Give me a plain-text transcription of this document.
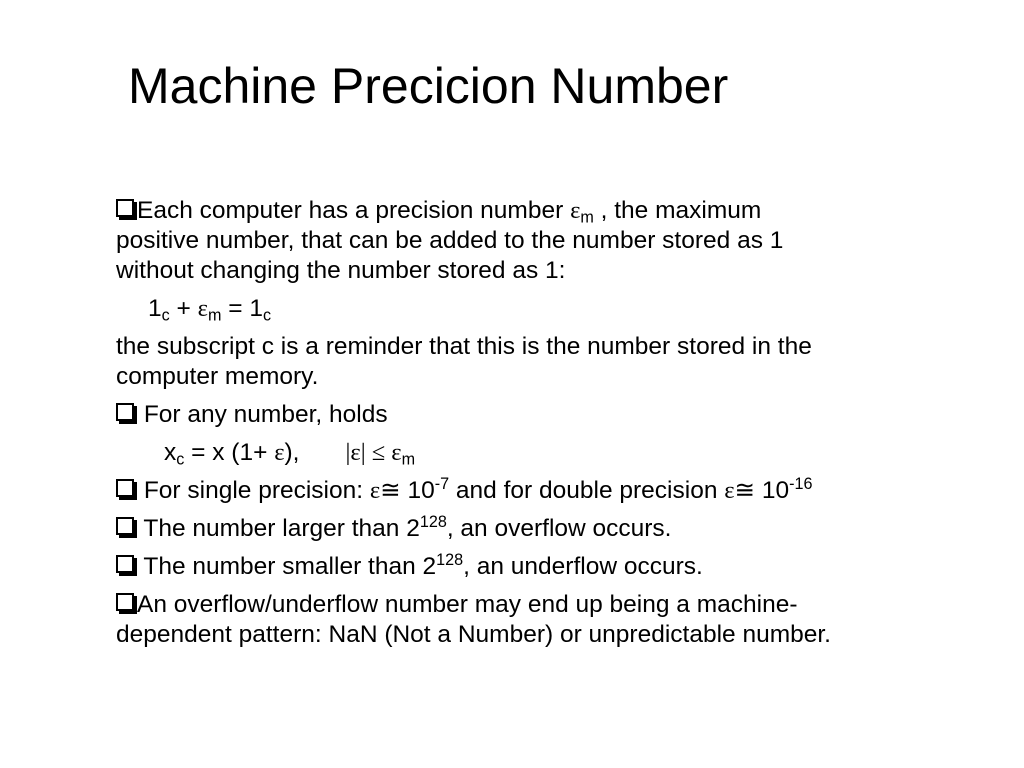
Machine Precicion Number
Each computer has a precision number $\varepsilon_m$ , the maximum
positive number, that can be added to the number stored as 1
without changing the number stored as 1:
$1_c + \varepsilon_m = 1_c$
the subscript c is a reminder that this is the number stored in the
computer memory.
For any number, holds
$x_c = x$ (1+ ε), $|\varepsilon| \le \varepsilon_m$
For single precision: ε≅ $10^{-7}$ and for double precision ε≅ $10^{-16}$
The number larger than $2^{128}$, an overflow occurs.
The number smaller than $2^{128}$, an underflow occurs.
An overflow/underflow number may end up being a machine-
dependent pattern: NaN (Not a Number) or unpredictable number.
